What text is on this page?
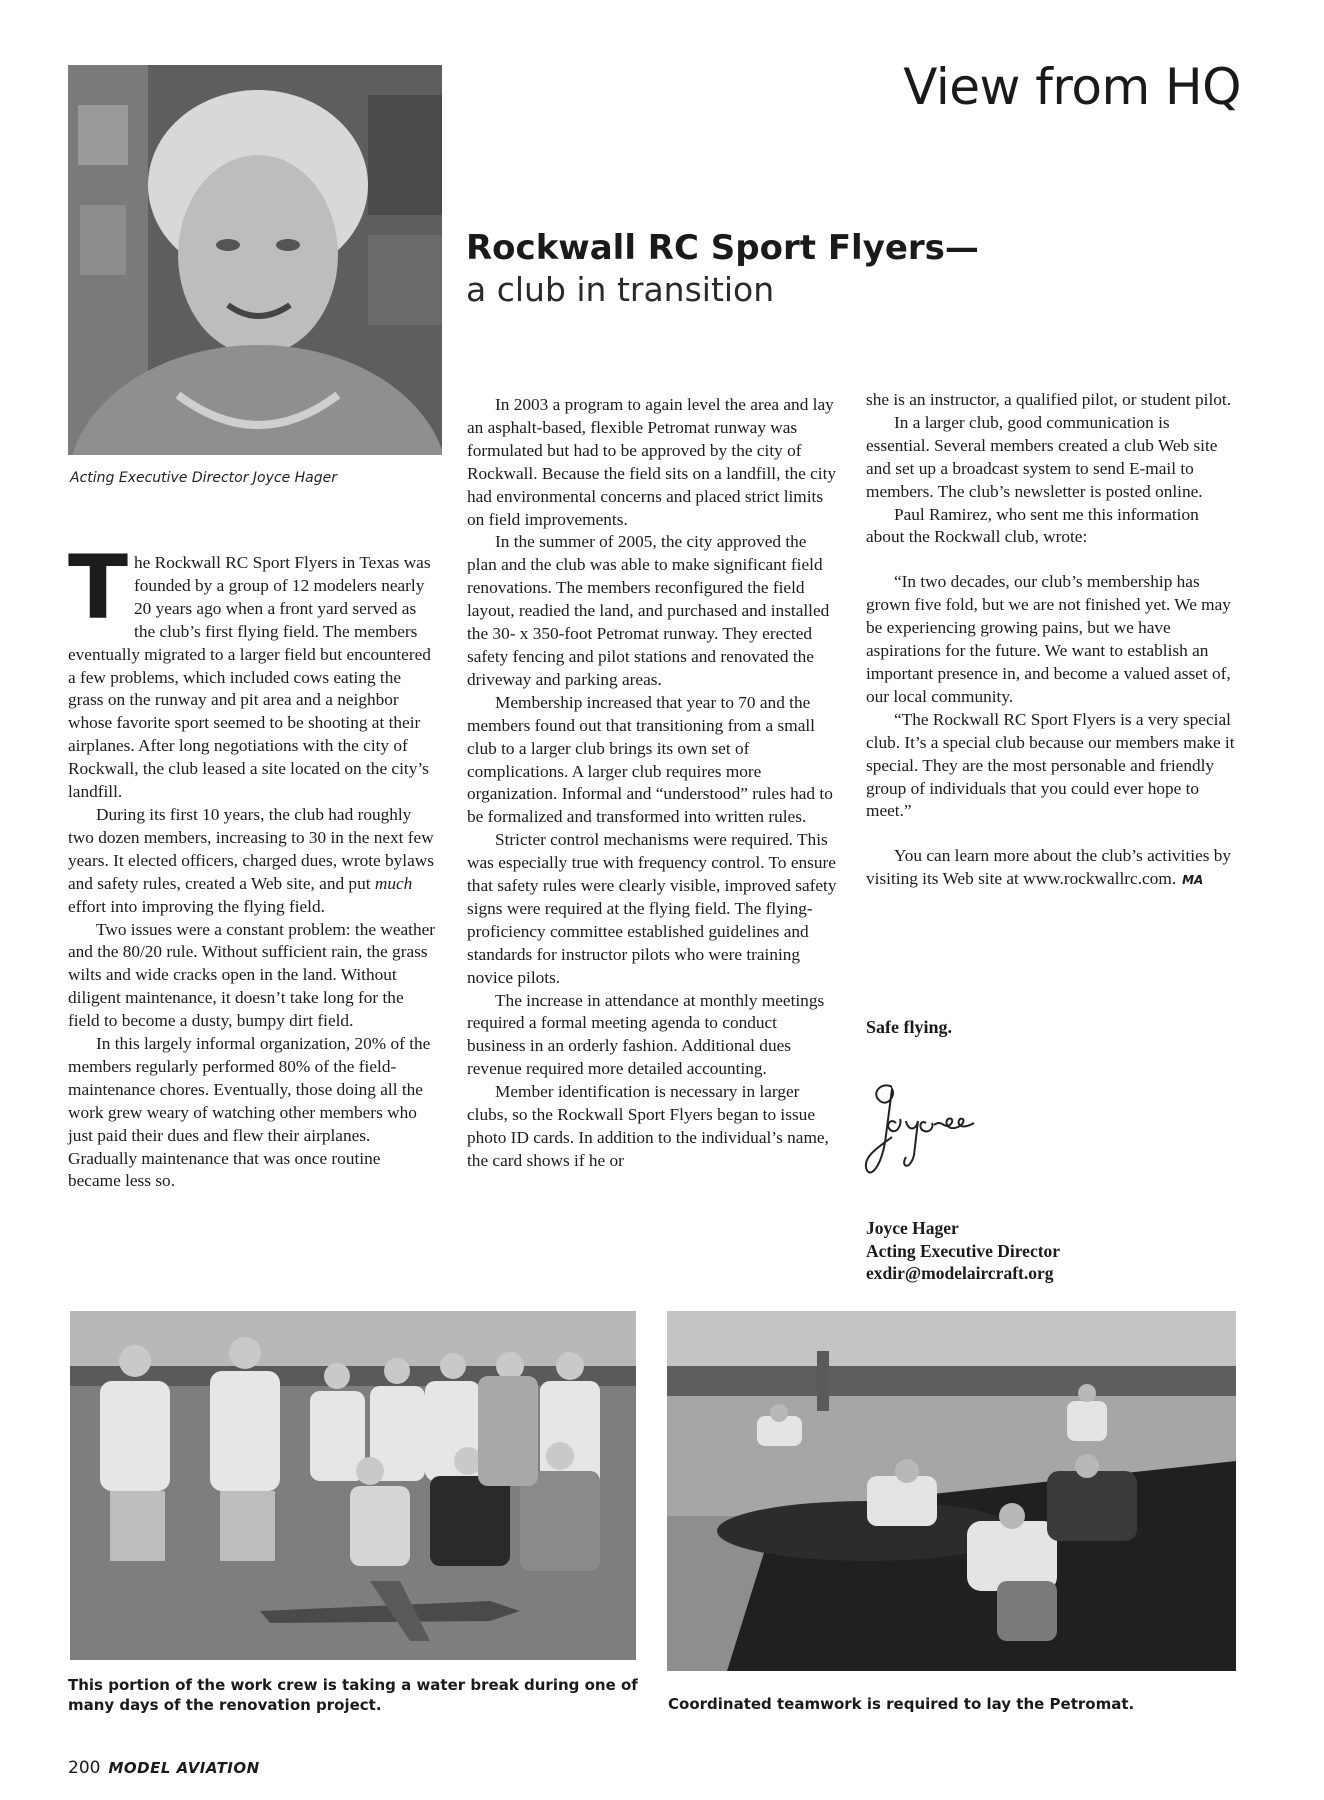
View from HQ
Acting Executive Director Joyce Hager
Rockwall RC Sport Flyers—
a club in transition

The Rockwall RC Sport Flyers in Texas was founded by a group of 12 modelers nearly 20 years ago when a front yard served as the club’s first flying field. The members eventually migrated to a larger field but encountered a few problems, which included cows eating the grass on the runway and pit area and a neighbor whose favorite sport seemed to be shooting at their airplanes. After long negotiations with the city of Rockwall, the club leased a site located on the city’s landfill.

During its first 10 years, the club had roughly two dozen members, increasing to 30 in the next few years. It elected officers, charged dues, wrote bylaws and safety rules, created a Web site, and put much effort into improving the flying field.

Two issues were a constant problem: the weather and the 80/20 rule. Without sufficient rain, the grass wilts and wide cracks open in the land. Without diligent maintenance, it doesn’t take long for the field to become a dusty, bumpy dirt field.

In this largely informal organization, 20% of the members regularly performed 80% of the field-maintenance chores. Eventually, those doing all the work grew weary of watching other members who just paid their dues and flew their airplanes. Gradually maintenance that was once routine became less so.

In 2003 a program to again level the area and lay an asphalt-based, flexible Petromat runway was formulated but had to be approved by the city of Rockwall. Because the field sits on a landfill, the city had environmental concerns and placed strict limits on field improvements.

In the summer of 2005, the city approved the plan and the club was able to make significant field renovations. The members reconfigured the field layout, readied the land, and purchased and installed the 30- x 350-foot Petromat runway. They erected safety fencing and pilot stations and renovated the driveway and parking areas.

Membership increased that year to 70 and the members found out that transitioning from a small club to a larger club brings its own set of complications. A larger club requires more organization. Informal and “understood” rules had to be formalized and transformed into written rules.

Stricter control mechanisms were required. This was especially true with frequency control. To ensure that safety rules were clearly visible, improved safety signs were required at the flying field. The flying-proficiency committee established guidelines and standards for instructor pilots who were training novice pilots.

The increase in attendance at monthly meetings required a formal meeting agenda to conduct business in an orderly fashion. Additional dues revenue required more detailed accounting.

Member identification is necessary in larger clubs, so the Rockwall Sport Flyers began to issue photo ID cards. In addition to the individual’s name, the card shows if he or

she is an instructor, a qualified pilot, or student pilot.

In a larger club, good communication is essential. Several members created a club Web site and set up a broadcast system to send E-mail to members. The club’s newsletter is posted online.

Paul Ramirez, who sent me this information about the Rockwall club, wrote:

“In two decades, our club’s membership has grown five fold, but we are not finished yet. We may be experiencing growing pains, but we have aspirations for the future. We want to establish an important presence in, and become a valued asset of, our local community.

“The Rockwall RC Sport Flyers is a very special club. It’s a special club because our members make it special. They are the most personable and friendly group of individuals that you could ever hope to meet.”

You can learn more about the club’s activities by visiting its Web site at www.rockwallrc.com. MA

Safe flying.
Joyce Hager
Acting Executive Director
exdir@modelaircraft.org
This portion of the work crew is taking a water break during one of many days of the renovation project.	Coordinated teamwork is required to lay the Petromat.
200 MODEL AVIATION
